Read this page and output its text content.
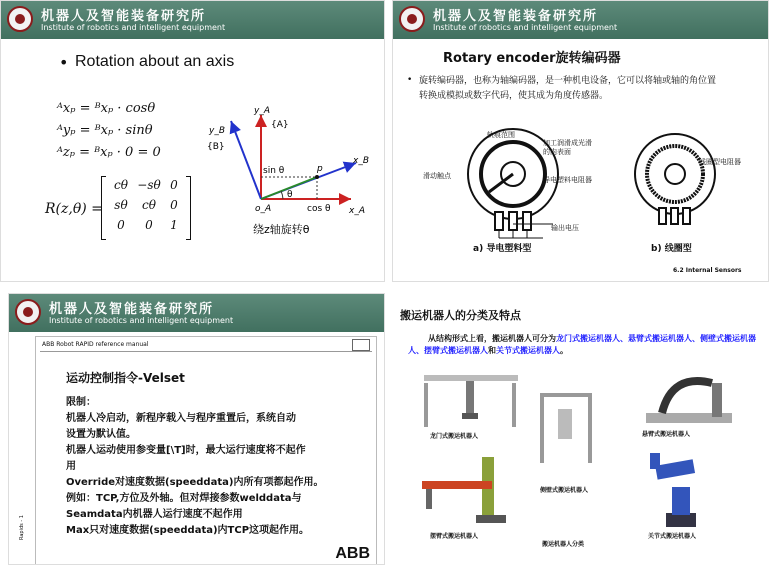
机器人及智能装备研究所
Institute of robotics and intelligent equipment
• Rotation about an axis
ᴬxₚ = ᴮxₚ · cosθ
ᴬyₚ = ᴮxₚ · sinθ
ᴬzₚ = ᴮxₚ · 0 = 0
R(z,θ) =
cθ −sθ 0
sθ	cθ	0
0	0	1
y_A
{A}
y_B
{B}
sin θ	p
x_B
θ
o_A	cos θ x_A
绕z轴旋转θ
机器人及智能装备研究所
Institute of robotics and intelligent equipment
Rotary encoder旋转编码器
• 旋转编码器，也称为轴编码器，是一种机电设备，它可以将轴或轴的角位置转换成模拟或数字代码，使其成为角度传感器。
轨痕范围
加工润滑成光滑
的内表面
滑动触点	导电塑料电阻器
输出电压
线圈型电阻器
a) 导电塑料型	b) 线圈型
6.2 Internal Sensors
机器人及智能装备研究所
Institute of robotics and intelligent equipment
ABB Robot RAPID reference manual
运动控制指令-Velset
限制：
机器人冷启动，新程序载入与程序重置后，系统自动
设置为默认值。
机器人运动使用参变量[\T]时，最大运行速度将不起作
用
Override对速度数据(speeddata)内所有项都起作用。
例如：TCP,方位及外轴。但对焊接参数welddata与
Seamdata内机器人运行速度不起作用
Max只对速度数据(speeddata)内TCP这项起作用。
ABB
Rapids - 1
搬运机器人的分类及特点
从结构形式上看，搬运机器人可分为龙门式搬运机器人、悬臂式搬运机器人、侧壁式搬运机器人、摆臂式搬运机器人和关节式搬运机器人。
龙门式搬运机器人	悬臂式搬运机器人
侧壁式搬运机器人
关节式搬运机器人
摆臂式搬运机器人
搬运机器人分类
